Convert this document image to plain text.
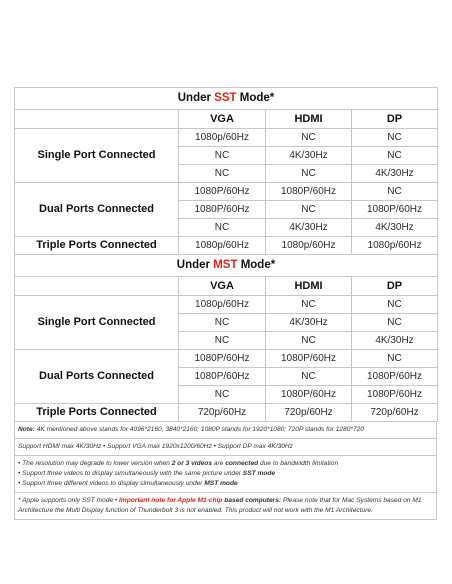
Under SST Mode*			
	VGA	HDMI	DP
Single Port Connected	1080p/60Hz	NC	NC
	NC	4K/30Hz	NC
	NC	NC	4K/30Hz
Dual Ports Connected	1080P/60Hz	1080P/60Hz	NC
	1080P/60Hz	NC	1080P/60Hz
	NC	4K/30Hz	4K/30Hz
Triple Ports Connected	1080p/60Hz	1080p/60Hz	1080p/60Hz
Under MST Mode*			
	VGA	HDMI	DP
Single Port Connected	1080p/60Hz	NC	NC
	NC	4K/30Hz	NC
	NC	NC	4K/30Hz
Dual Ports Connected	1080P/60Hz	1080P/60Hz	NC
	1080P/60Hz	NC	1080P/60Hz
	NC	1080P/60Hz	1080P/60Hz
Triple Ports Connected	720p/60Hz	720p/60Hz	720p/60Hz
Note: 4K mentioned above stands for 4096*2160, 3840*2160; 1080P stands for 1920*1080; 720P stands for 1280*720
Support HDMI max 4K/30Hz • Support VGA max 1920x1200/60Hz • Support DP max 4K/30Hz
• The resolution may degrade to lower version when 2 or 3 videos are connected due to bandwidth limitation
• Support three videos to display simultaneously with the same picture under SST mode
• Support three different videos to display simultaneously under MST mode
* Apple supports only SST mode • Important note for Apple M1-chip based computers: Please note that for Mac Systems based on M1 Architecture the Multi Display function of Thunderbolt 3 is not enabled. This product will not work with the M1 Architecture.
